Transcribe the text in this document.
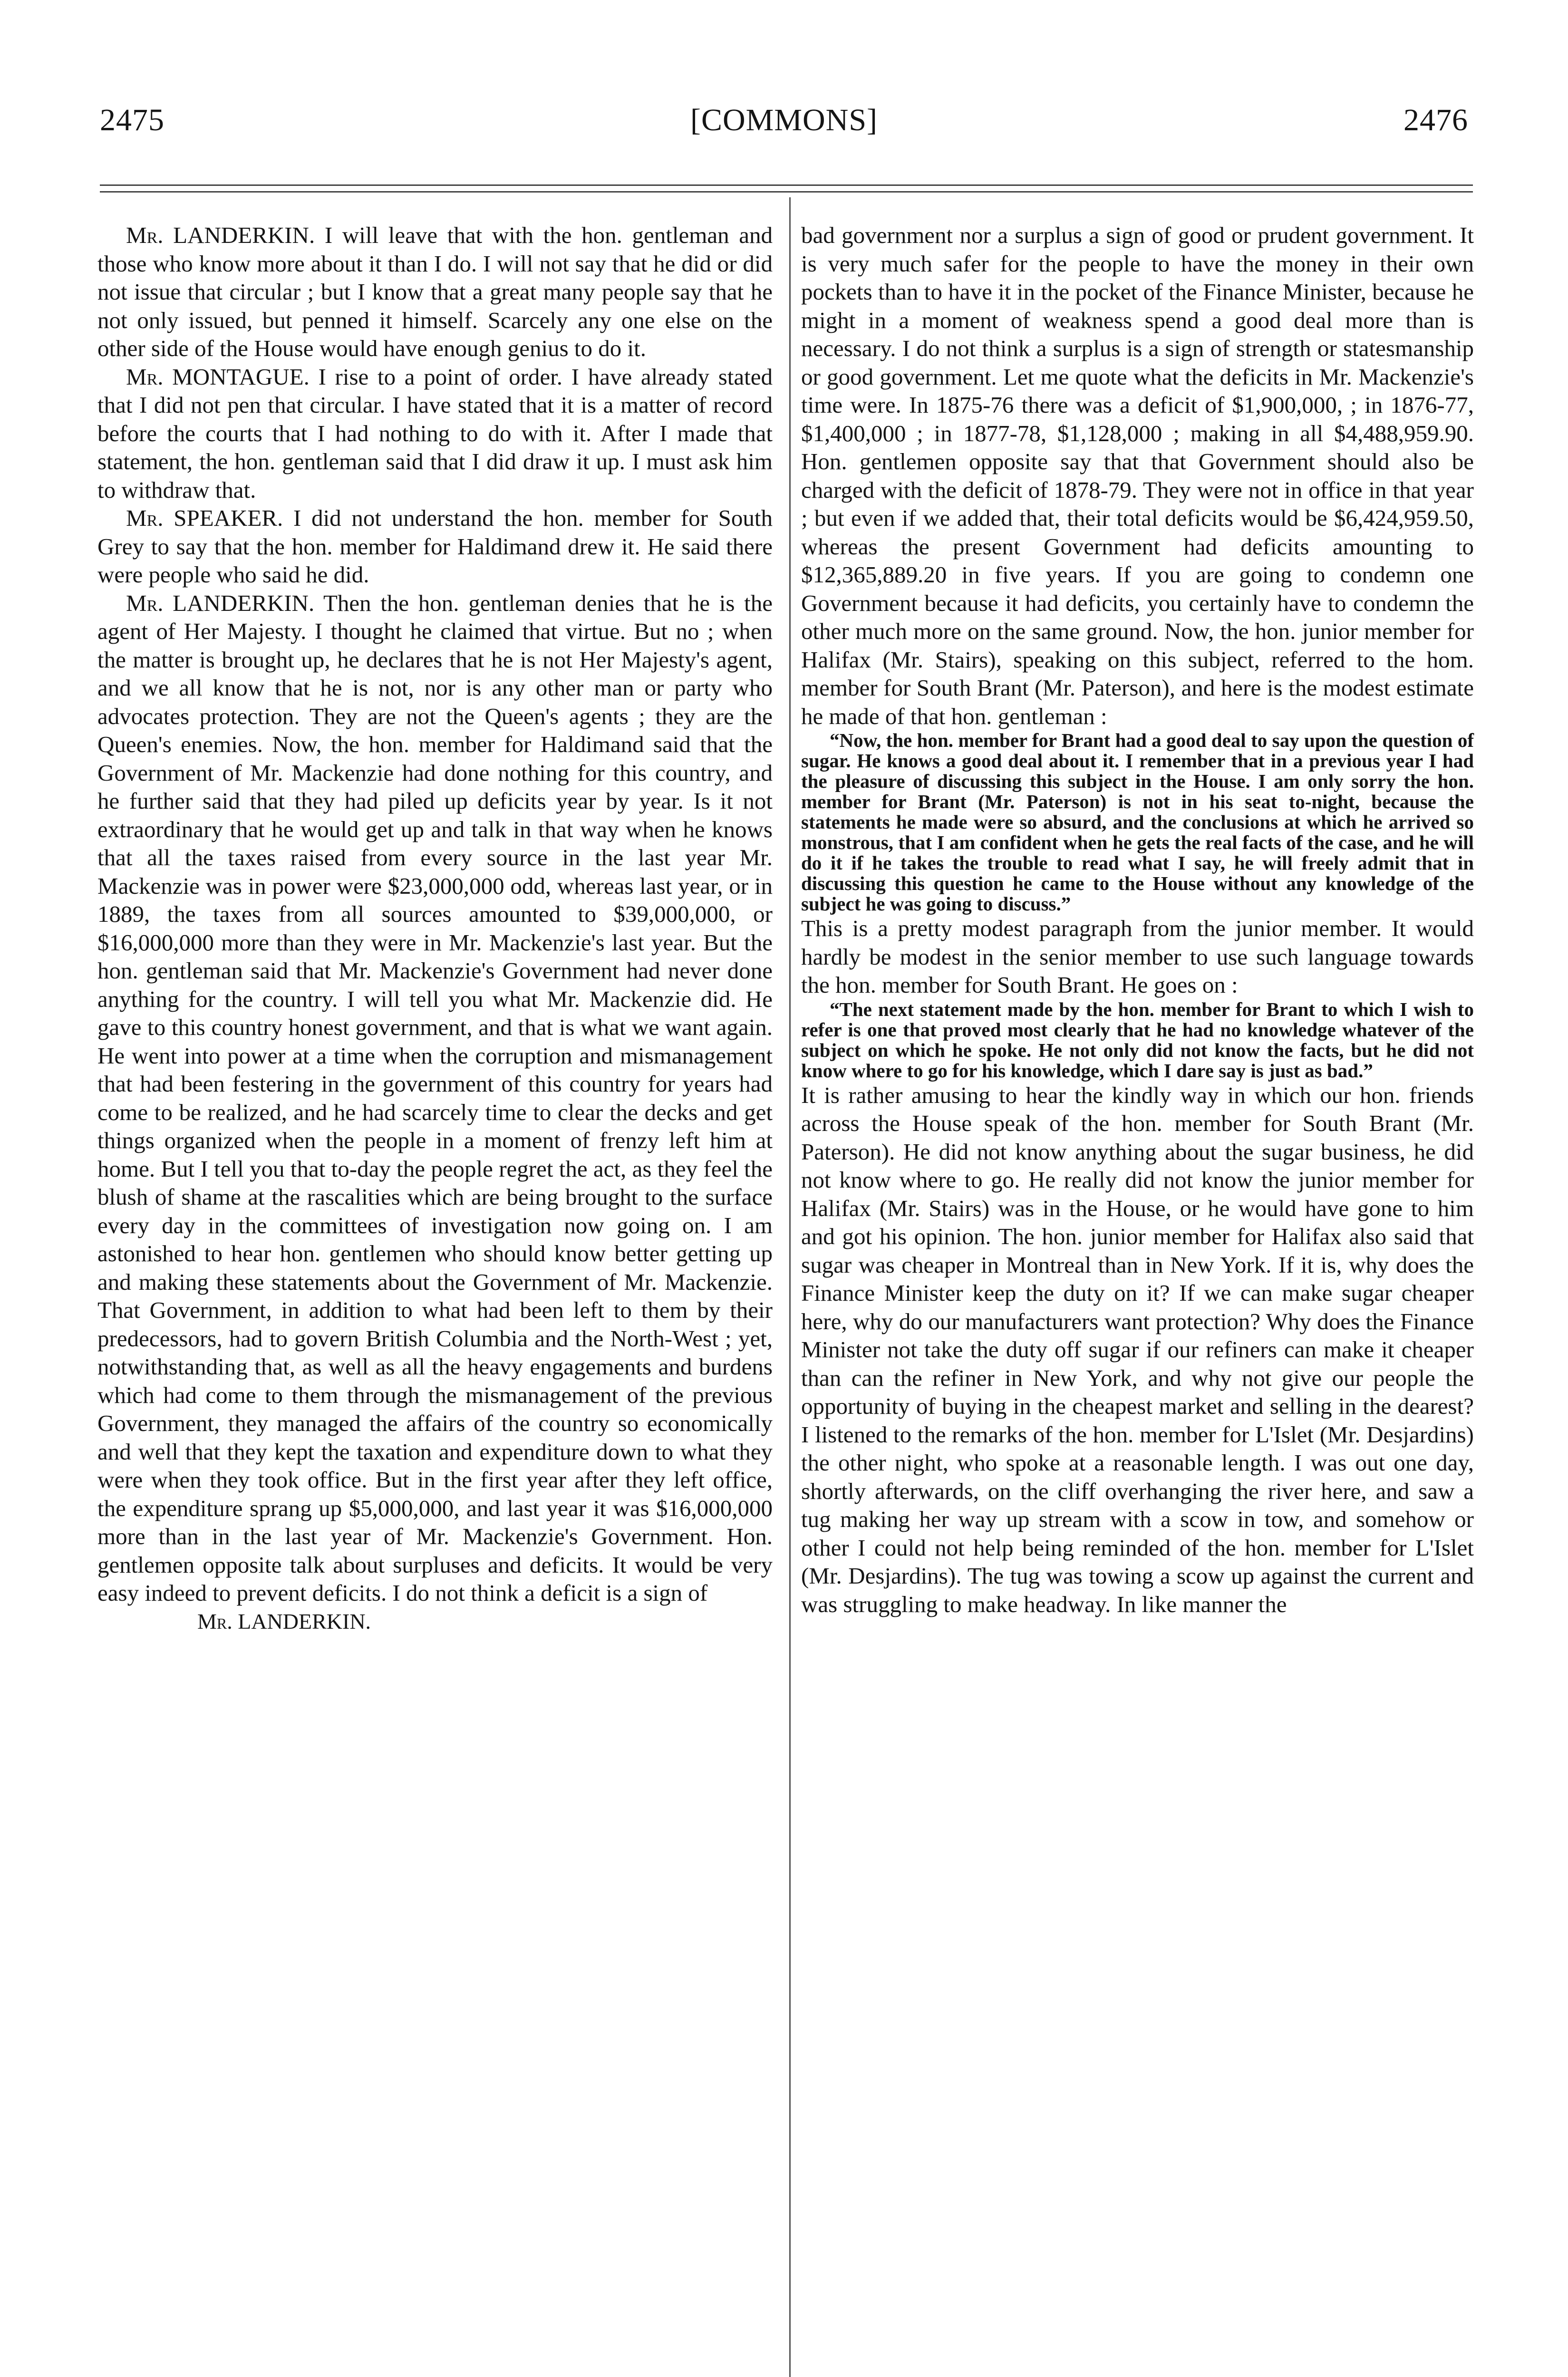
2475	[COMMONS]	2476

Mr. LANDERKIN. I will leave that with the hon. gentleman and those who know more about it than I do. I will not say that he did or did not issue that circular ; but I know that a great many people say that he not only issued, but penned it himself. Scarcely any one else on the other side of the House would have enough genius to do it.

Mr. MONTAGUE. I rise to a point of order. I have already stated that I did not pen that circular. I have stated that it is a matter of record before the courts that I had nothing to do with it. After I made that statement, the hon. gentleman said that I did draw it up. I must ask him to withdraw that.

Mr. SPEAKER. I did not understand the hon. member for South Grey to say that the hon. member for Haldimand drew it. He said there were people who said he did.

Mr. LANDERKIN. Then the hon. gentleman denies that he is the agent of Her Majesty. I thought he claimed that virtue. But no ; when the matter is brought up, he declares that he is not Her Majesty's agent, and we all know that he is not, nor is any other man or party who advocates protection. They are not the Queen's agents ; they are the Queen's enemies. Now, the hon. member for Haldimand said that the Government of Mr. Mackenzie had done nothing for this country, and he further said that they had piled up deficits year by year. Is it not extraordinary that he would get up and talk in that way when he knows that all the taxes raised from every source in the last year Mr. Mackenzie was in power were $23,000,000 odd, whereas last year, or in 1889, the taxes from all sources amounted to $39,000,000, or $16,000,000 more than they were in Mr. Mackenzie's last year. But the hon. gentleman said that Mr. Mackenzie's Government had never done anything for the country. I will tell you what Mr. Mackenzie did. He gave to this country honest government, and that is what we want again. He went into power at a time when the corruption and mismanagement that had been festering in the government of this country for years had come to be realized, and he had scarcely time to clear the decks and get things organized when the people in a moment of frenzy left him at home. But I tell you that to-day the people regret the act, as they feel the blush of shame at the rascalities which are being brought to the surface every day in the committees of investigation now going on. I am astonished to hear hon. gentlemen who should know better getting up and making these statements about the Government of Mr. Mackenzie. That Government, in addition to what had been left to them by their predecessors, had to govern British Columbia and the North-West ; yet, notwithstanding that, as well as all the heavy engagements and burdens which had come to them through the mismanagement of the previous Government, they managed the affairs of the country so economically and well that they kept the taxation and expenditure down to what they were when they took office. But in the first year after they left office, the expenditure sprang up $5,000,000, and last year it was $16,000,000 more than in the last year of Mr. Mackenzie's Government. Hon. gentlemen opposite talk about surpluses and deficits. It would be very easy indeed to prevent deficits. I do not think a deficit is a sign of

Mr. LANDERKIN.

bad government nor a surplus a sign of good or prudent government. It is very much safer for the people to have the money in their own pockets than to have it in the pocket of the Finance Minister, because he might in a moment of weakness spend a good deal more than is necessary. I do not think a surplus is a sign of strength or statesmanship or good government. Let me quote what the deficits in Mr. Mackenzie's time were. In 1875-76 there was a deficit of $1,900,000, ; in 1876-77, $1,400,000 ; in 1877-78, $1,128,000 ; making in all $4,488,959.90. Hon. gentlemen opposite say that that Government should also be charged with the deficit of 1878-79. They were not in office in that year ; but even if we added that, their total deficits would be $6,424,959.50, whereas the present Government had deficits amounting to $12,365,889.20 in five years. If you are going to condemn one Government because it had deficits, you certainly have to condemn the other much more on the same ground. Now, the hon. junior member for Halifax (Mr. Stairs), speaking on this subject, referred to the hom. member for South Brant (Mr. Paterson), and here is the modest estimate he made of that hon. gentleman :

“Now, the hon. member for Brant had a good deal to say upon the question of sugar. He knows a good deal about it. I remember that in a previous year I had the pleasure of discussing this subject in the House. I am only sorry the hon. member for Brant (Mr. Paterson) is not in his seat to-night, because the statements he made were so absurd, and the conclusions at which he arrived so monstrous, that I am confident when he gets the real facts of the case, and he will do it if he takes the trouble to read what I say, he will freely admit that in discussing this question he came to the House without any knowledge of the subject he was going to discuss.”

This is a pretty modest paragraph from the junior member. It would hardly be modest in the senior member to use such language towards the hon. member for South Brant. He goes on :

“The next statement made by the hon. member for Brant to which I wish to refer is one that proved most clearly that he had no knowledge whatever of the subject on which he spoke. He not only did not know the facts, but he did not know where to go for his knowledge, which I dare say is just as bad.”

It is rather amusing to hear the kindly way in which our hon. friends across the House speak of the hon. member for South Brant (Mr. Paterson). He did not know anything about the sugar business, he did not know where to go. He really did not know the junior member for Halifax (Mr. Stairs) was in the House, or he would have gone to him and got his opinion. The hon. junior member for Halifax also said that sugar was cheaper in Montreal than in New York. If it is, why does the Finance Minister keep the duty on it? If we can make sugar cheaper here, why do our manufacturers want protection? Why does the Finance Minister not take the duty off sugar if our refiners can make it cheaper than can the refiner in New York, and why not give our people the opportunity of buying in the cheapest market and selling in the dearest? I listened to the remarks of the hon. member for L'Islet (Mr. Desjardins) the other night, who spoke at a reasonable length. I was out one day, shortly afterwards, on the cliff overhanging the river here, and saw a tug making her way up stream with a scow in tow, and somehow or other I could not help being reminded of the hon. member for L'Islet (Mr. Desjardins). The tug was towing a scow up against the current and was struggling to make headway. In like manner the
